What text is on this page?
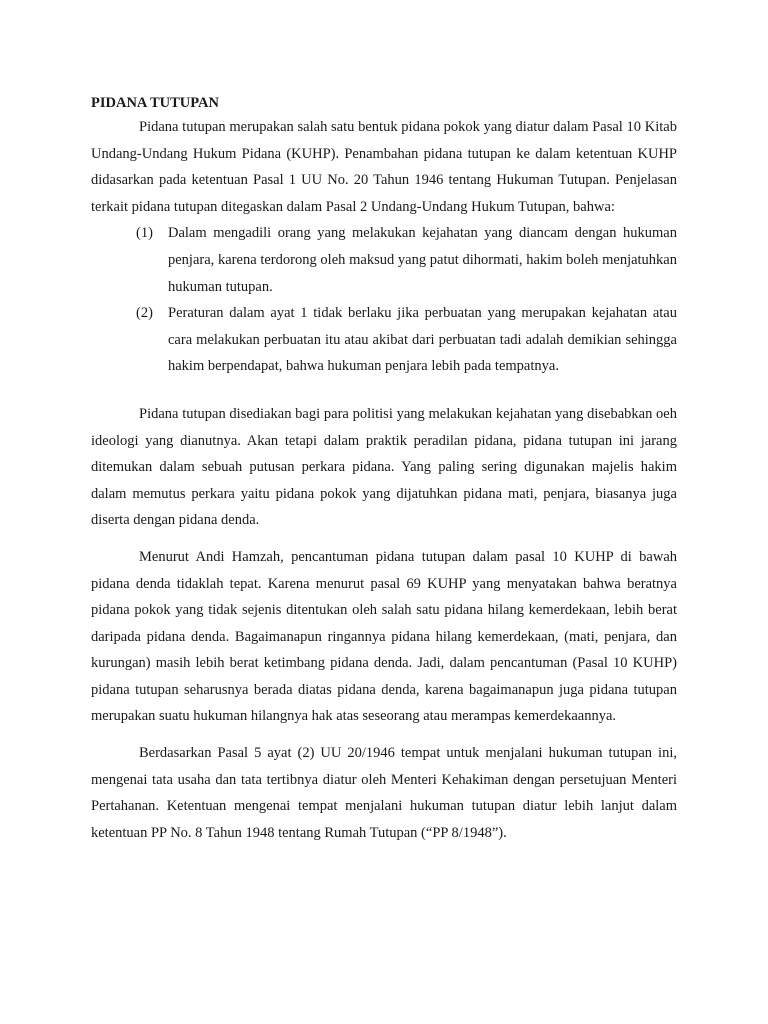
PIDANA TUTUPAN

Pidana tutupan merupakan salah satu bentuk pidana pokok yang diatur dalam Pasal 10 Kitab Undang-Undang Hukum Pidana (KUHP). Penambahan pidana tutupan ke dalam ketentuan KUHP didasarkan pada ketentuan Pasal 1 UU No. 20 Tahun 1946 tentang Hukuman Tutupan. Penjelasan terkait pidana tutupan ditegaskan dalam Pasal 2 Undang-Undang Hukum Tutupan, bahwa:

(1) Dalam mengadili orang yang melakukan kejahatan yang diancam dengan hukuman penjara, karena terdorong oleh maksud yang patut dihormati, hakim boleh menjatuhkan hukuman tutupan.
(2) Peraturan dalam ayat 1 tidak berlaku jika perbuatan yang merupakan kejahatan atau cara melakukan perbuatan itu atau akibat dari perbuatan tadi adalah demikian sehingga hakim berpendapat, bahwa hukuman penjara lebih pada tempatnya.

Pidana tutupan disediakan bagi para politisi yang melakukan kejahatan yang disebabkan oeh ideologi yang dianutnya. Akan tetapi dalam praktik peradilan pidana, pidana tutupan ini jarang ditemukan dalam sebuah putusan perkara pidana. Yang paling sering digunakan majelis hakim dalam memutus perkara yaitu pidana pokok yang dijatuhkan pidana mati, penjara, biasanya juga diserta dengan pidana denda.

Menurut Andi Hamzah, pencantuman pidana tutupan dalam pasal 10 KUHP di bawah pidana denda tidaklah tepat. Karena menurut pasal 69 KUHP yang menyatakan bahwa beratnya pidana pokok yang tidak sejenis ditentukan oleh salah satu pidana hilang kemerdekaan, lebih berat daripada pidana denda. Bagaimanapun ringannya pidana hilang kemerdekaan, (mati, penjara, dan kurungan) masih lebih berat ketimbang pidana denda. Jadi, dalam pencantuman (Pasal 10 KUHP) pidana tutupan seharusnya berada diatas pidana denda, karena bagaimanapun juga pidana tutupan merupakan suatu hukuman hilangnya hak atas seseorang atau merampas kemerdekaannya.

Berdasarkan Pasal 5 ayat (2) UU 20/1946 tempat untuk menjalani hukuman tutupan ini, mengenai tata usaha dan tata tertibnya diatur oleh Menteri Kehakiman dengan persetujuan Menteri Pertahanan. Ketentuan mengenai tempat menjalani hukuman tutupan diatur lebih lanjut dalam ketentuan PP No. 8 Tahun 1948 tentang Rumah Tutupan (“PP 8/1948”).
